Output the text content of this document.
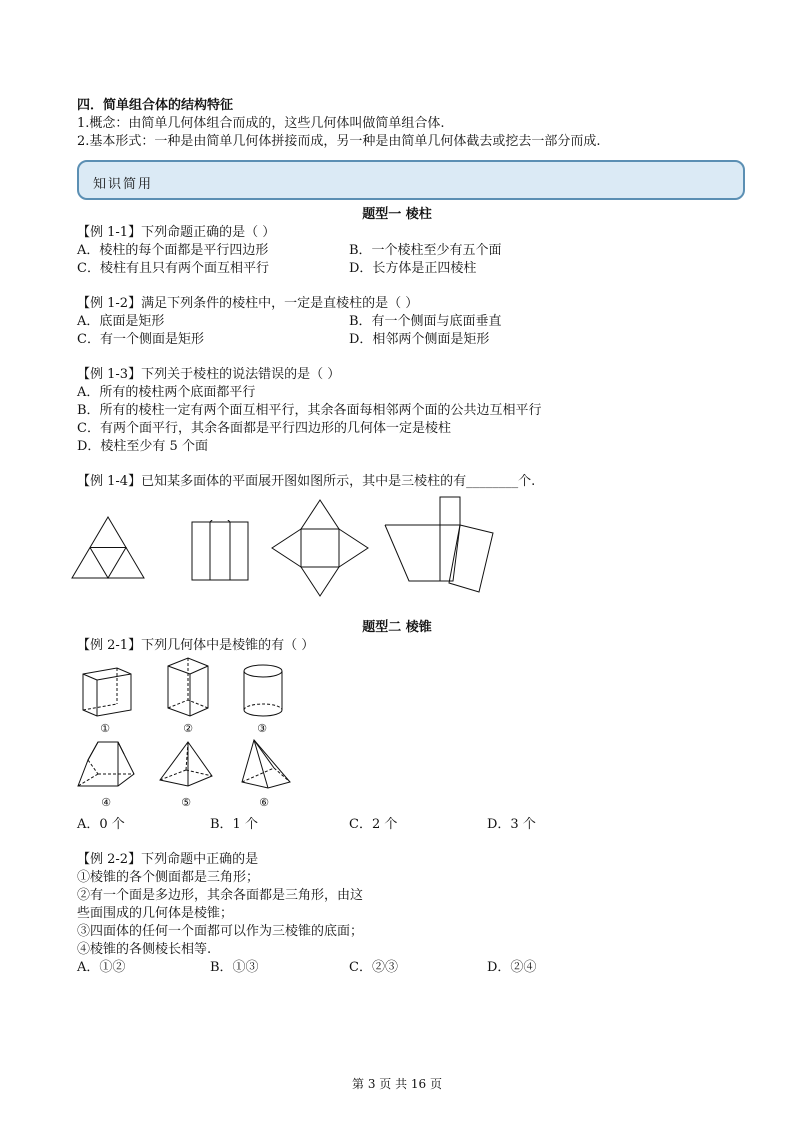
四．简单组合体的结构特征
1.概念：由简单几何体组合而成的，这些几何体叫做简单组合体.
2.基本形式：一种是由简单几何体拼接而成，另一种是由简单几何体截去或挖去一部分而成.
知识简用
题型一 棱柱
【例 1-1】下列命题正确的是（ ）
A．棱柱的每个面都是平行四边形	B．一个棱柱至少有五个面
C．棱柱有且只有两个面互相平行	D．长方体是正四棱柱
【例 1-2】满足下列条件的棱柱中，一定是直棱柱的是（ ）
A．底面是矩形	B．有一个侧面与底面垂直
C．有一个侧面是矩形	D．相邻两个侧面是矩形
【例 1-3】下列关于棱柱的说法错误的是（ ）
A．所有的棱柱两个底面都平行
B．所有的棱柱一定有两个面互相平行，其余各面每相邻两个面的公共边互相平行
C．有两个面平行，其余各面都是平行四边形的几何体一定是棱柱
D．棱柱至少有 5 个面
【例 1-4】已知某多面体的平面展开图如图所示，其中是三棱柱的有________个.
题型二 棱锥
【例 2-1】下列几何体中是棱锥的有（ ）
①	②	③
④	⑤	⑥
A．0 个	B．1 个	C．2 个	D．3 个
【例 2-2】下列命题中正确的是
①棱锥的各个侧面都是三角形；
②有一个面是多边形，其余各面都是三角形，由这
些面围成的几何体是棱锥；
③四面体的任何一个面都可以作为三棱锥的底面；
④棱锥的各侧棱长相等.
A．①②	B．①③	C．②③	D．②④
第 3 页 共 16 页
